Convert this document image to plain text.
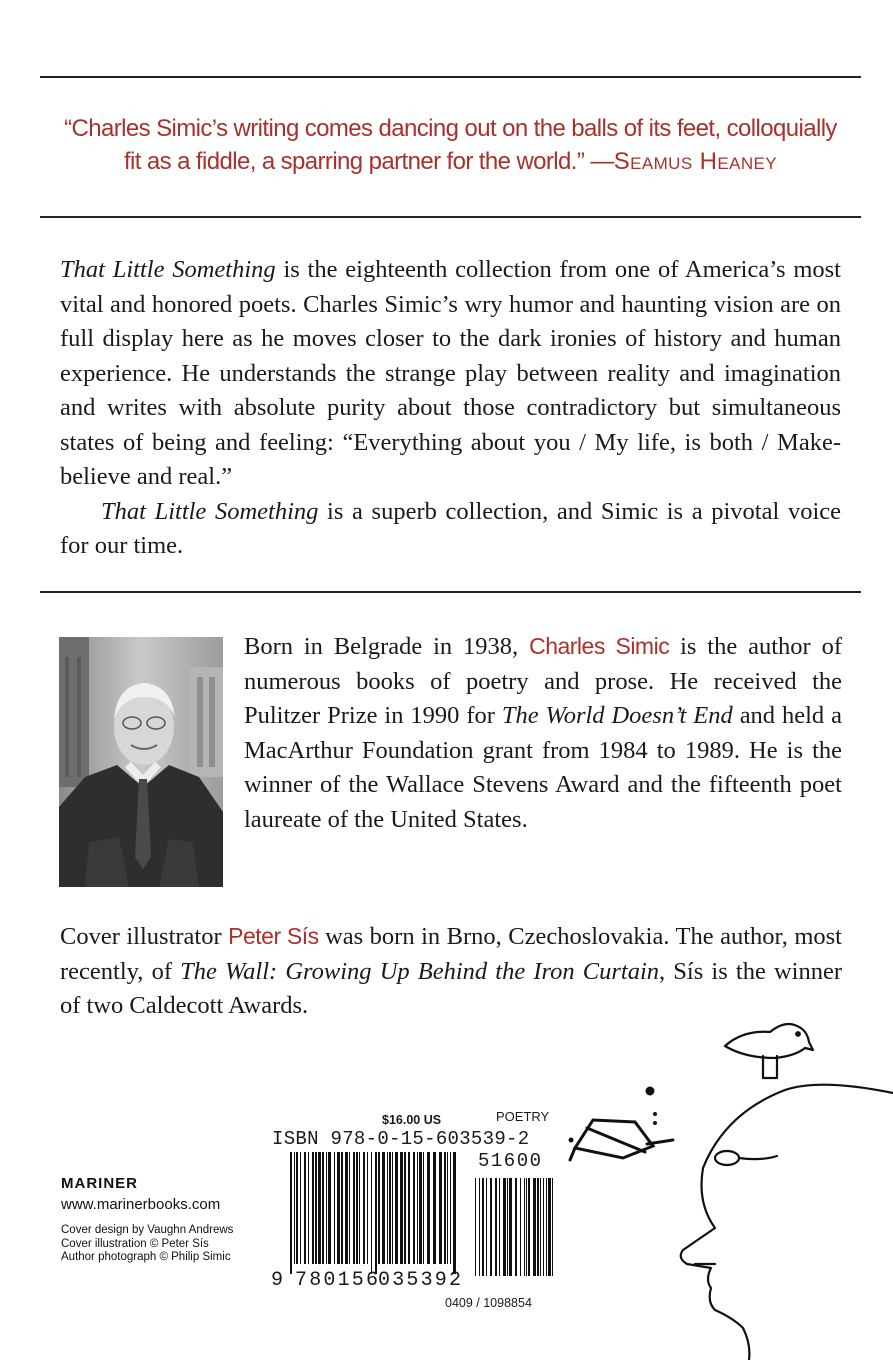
“Charles Simic’s writing comes dancing out on the balls of its feet, colloquially fit as a fiddle, a sparring partner for the world.” —Seamus Heaney

That Little Something is the eighteenth collection from one of America’s most vital and honored poets. Charles Simic’s wry humor and haunting vision are on full display here as he moves closer to the dark ironies of history and human experience. He understands the strange play between reality and imagination and writes with absolute purity about those contradictory but simultaneous states of being and feeling: “Everything about you / My life, is both / Make-believe and real.”

That Little Something is a superb collection, and Simic is a pivotal voice for our time.

Born in Belgrade in 1938, Charles Simic is the author of numerous books of poetry and prose. He received the Pulitzer Prize in 1990 for The World Doesn’t End and held a MacArthur Foundation grant from 1984 to 1989. He is the winner of the Wallace Stevens Award and the fifteenth poet laureate of the United States.
Cover illustrator Peter Sís was born in Brno, Czechoslovakia. The author, most recently, of The Wall: Growing Up Behind the Iron Curtain, Sís is the winner of two Caldecott Awards.
MARINER
www.marinerbooks.com
Cover design by Vaughn Andrews
Cover illustration © Peter Sís
Author photograph © Philip Simic
$16.00 US	POETRY
ISBN 978-0-15-603539-2
51600
9 780156
035392
0409 / 1098854
